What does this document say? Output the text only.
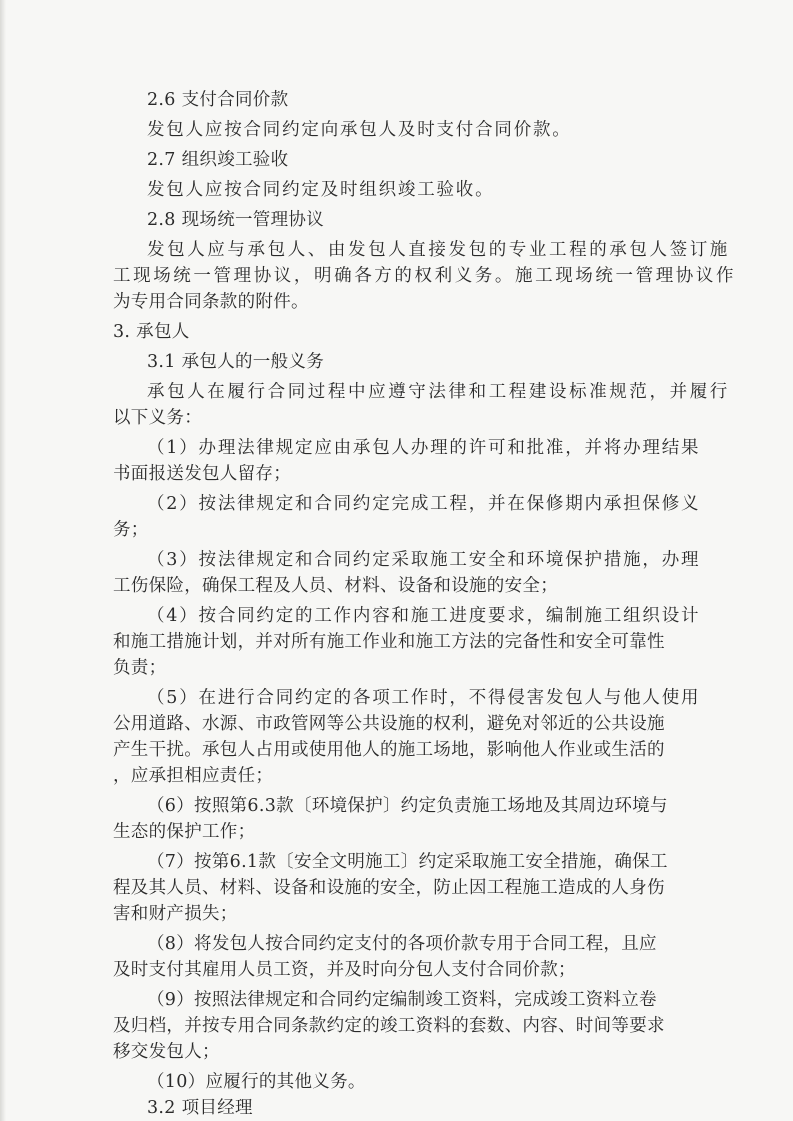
2.6 支付合同价款
发包人应按合同约定向承包人及时支付合同价款。
2.7 组织竣工验收
发包人应按合同约定及时组织竣工验收。
2.8 现场统一管理协议
发包人应与承包人、由发包人直接发包的专业工程的承包人签订施
工现场统一管理协议，明确各方的权利义务。施工现场统一管理协议作
为专用合同条款的附件。
3. 承包人
3.1 承包人的一般义务
承包人在履行合同过程中应遵守法律和工程建设标准规范，并履行
以下义务：
（1）办理法律规定应由承包人办理的许可和批准，并将办理结果
书面报送发包人留存；
（2）按法律规定和合同约定完成工程，并在保修期内承担保修义
务；
（3）按法律规定和合同约定采取施工安全和环境保护措施，办理
工伤保险，确保工程及人员、材料、设备和设施的安全；
（4）按合同约定的工作内容和施工进度要求，编制施工组织设计
和施工措施计划，并对所有施工作业和施工方法的完备性和安全可靠性
负责；
（5）在进行合同约定的各项工作时，不得侵害发包人与他人使用
公用道路、水源、市政管网等公共设施的权利，避免对邻近的公共设施
产生干扰。承包人占用或使用他人的施工场地，影响他人作业或生活的
，应承担相应责任；
（6）按照第6.3款〔环境保护〕约定负责施工场地及其周边环境与
生态的保护工作；
（7）按第6.1款〔安全文明施工〕约定采取施工安全措施，确保工
程及其人员、材料、设备和设施的安全，防止因工程施工造成的人身伤
害和财产损失；
（8）将发包人按合同约定支付的各项价款专用于合同工程，且应
及时支付其雇用人员工资，并及时向分包人支付合同价款；
（9）按照法律规定和合同约定编制竣工资料，完成竣工资料立卷
及归档，并按专用合同条款约定的竣工资料的套数、内容、时间等要求
移交发包人；
（10）应履行的其他义务。
3.2 项目经理
